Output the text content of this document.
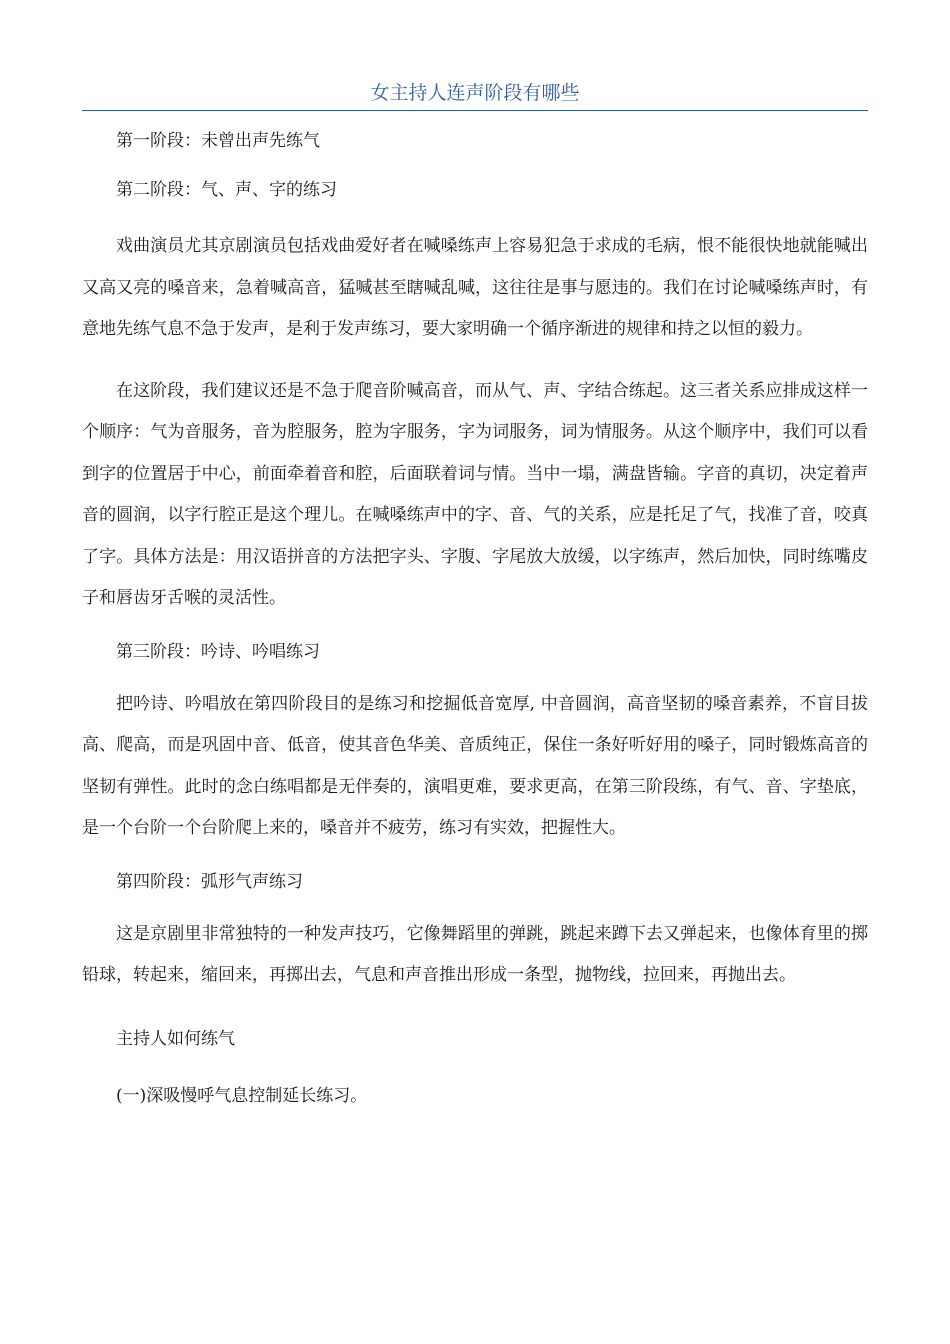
女主持人连声阶段有哪些

第一阶段：未曾出声先练气

第二阶段：气、声、字的练习

戏曲演员尤其京剧演员包括戏曲爱好者在喊嗓练声上容易犯急于求成的毛病，恨不能很快地就能喊出又高又亮的嗓音来，急着喊高音，猛喊甚至瞎喊乱喊，这往往是事与愿违的。我们在讨论喊嗓练声时，有意地先练气息不急于发声，是利于发声练习，要大家明确一个循序渐进的规律和持之以恒的毅力。

在这阶段，我们建议还是不急于爬音阶喊高音，而从气、声、字结合练起。这三者关系应排成这样一个顺序：气为音服务，音为腔服务，腔为字服务，字为词服务，词为情服务。从这个顺序中，我们可以看到字的位置居于中心，前面牵着音和腔，后面联着词与情。当中一塌，满盘皆输。字音的真切，决定着声音的圆润，以字行腔正是这个理儿。在喊嗓练声中的字、音、气的关系，应是托足了气，找准了音，咬真了字。具体方法是：用汉语拼音的方法把字头、字腹、字尾放大放缓，以字练声，然后加快，同时练嘴皮子和唇齿牙舌喉的灵活性。

第三阶段：吟诗、吟唱练习

把吟诗、吟唱放在第四阶段目的是练习和挖掘低音宽厚, 中音圆润，高音坚韧的嗓音素养，不盲目拔高、爬高，而是巩固中音、低音，使其音色华美、音质纯正，保住一条好听好用的嗓子，同时锻炼高音的坚韧有弹性。此时的念白练唱都是无伴奏的，演唱更难，要求更高，在第三阶段练，有气、音、字垫底，是一个台阶一个台阶爬上来的，嗓音并不疲劳，练习有实效，把握性大。

第四阶段：弧形气声练习

这是京剧里非常独特的一种发声技巧，它像舞蹈里的弹跳，跳起来蹲下去又弹起来，也像体育里的掷铅球，转起来，缩回来，再掷出去，气息和声音推出形成一条型，抛物线，拉回来，再抛出去。

主持人如何练气

(一)深吸慢呼气息控制延长练习。
